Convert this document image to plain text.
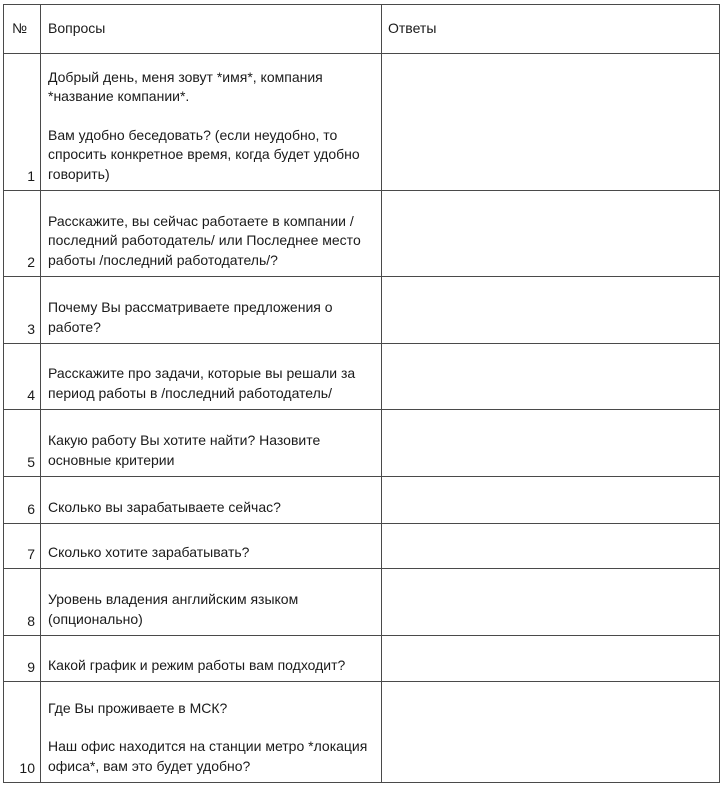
№	Вопросы	Ответы
1	Добрый день, меня зовут *имя*, компания *название компании*.

Вам удобно беседовать? (если неудобно, то спросить конкретное время, когда будет удобно говорить)	

2	Расскажите, вы сейчас работаете в компании /последний работодатель/ или Последнее место работы /последний работодатель/?	

3	Почему Вы рассматриваете предложения о работе?	

4	Расскажите про задачи, которые вы решали за период работы в /последний работодатель/	

5	Какую работу Вы хотите найти? Назовите основные критерии	

6	Сколько вы зарабатываете сейчас?	

7	Сколько хотите зарабатывать?	

8	Уровень владения английским языком (опционально)	

9	Какой график и режим работы вам подходит?	

10	Где Вы проживаете в МСК?

Наш офис находится на станции метро *локация офиса*, вам это будет удобно?	
